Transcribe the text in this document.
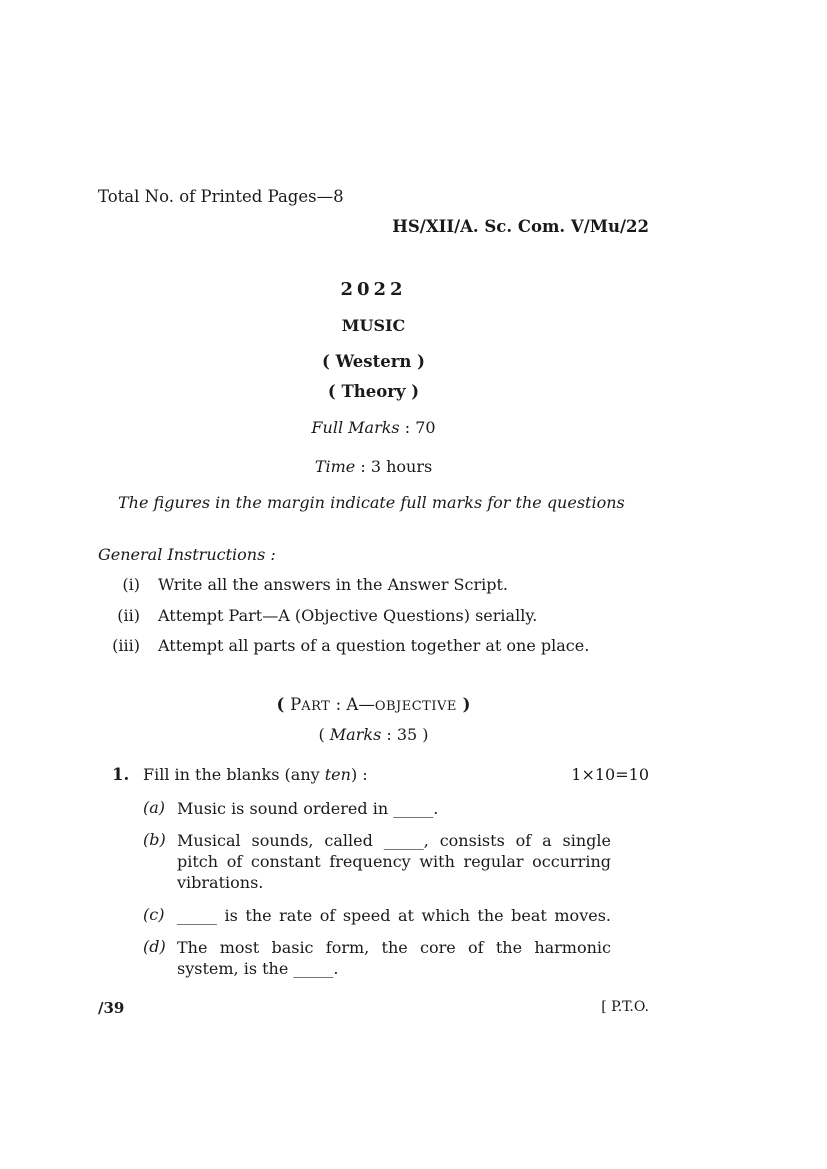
Total No. of Printed Pages—8
HS/XII/A. Sc. Com. V/Mu/22
2022
MUSIC
( Western )
( Theory )
Full Marks : 70
Time : 3 hours
The figures in the margin indicate full marks for the questions
General Instructions :
(i) Write all the answers in the Answer Script.
(ii) Attempt Part—A (Objective Questions) serially.
(iii) Attempt all parts of a question together at one place.
( PART : A—OBJECTIVE )
( Marks : 35 )
1. Fill in the blanks (any ten) :	1×10=10
(a) Music is sound ordered in _____.
(b) Musical sounds, called _____, consists of a single
pitch of constant frequency with regular occurring
vibrations.
(c) _____ is the rate of speed at which the beat moves.
(d) The most basic form, the core of the harmonic
system, is the _____.
/39	[ P.T.O.
